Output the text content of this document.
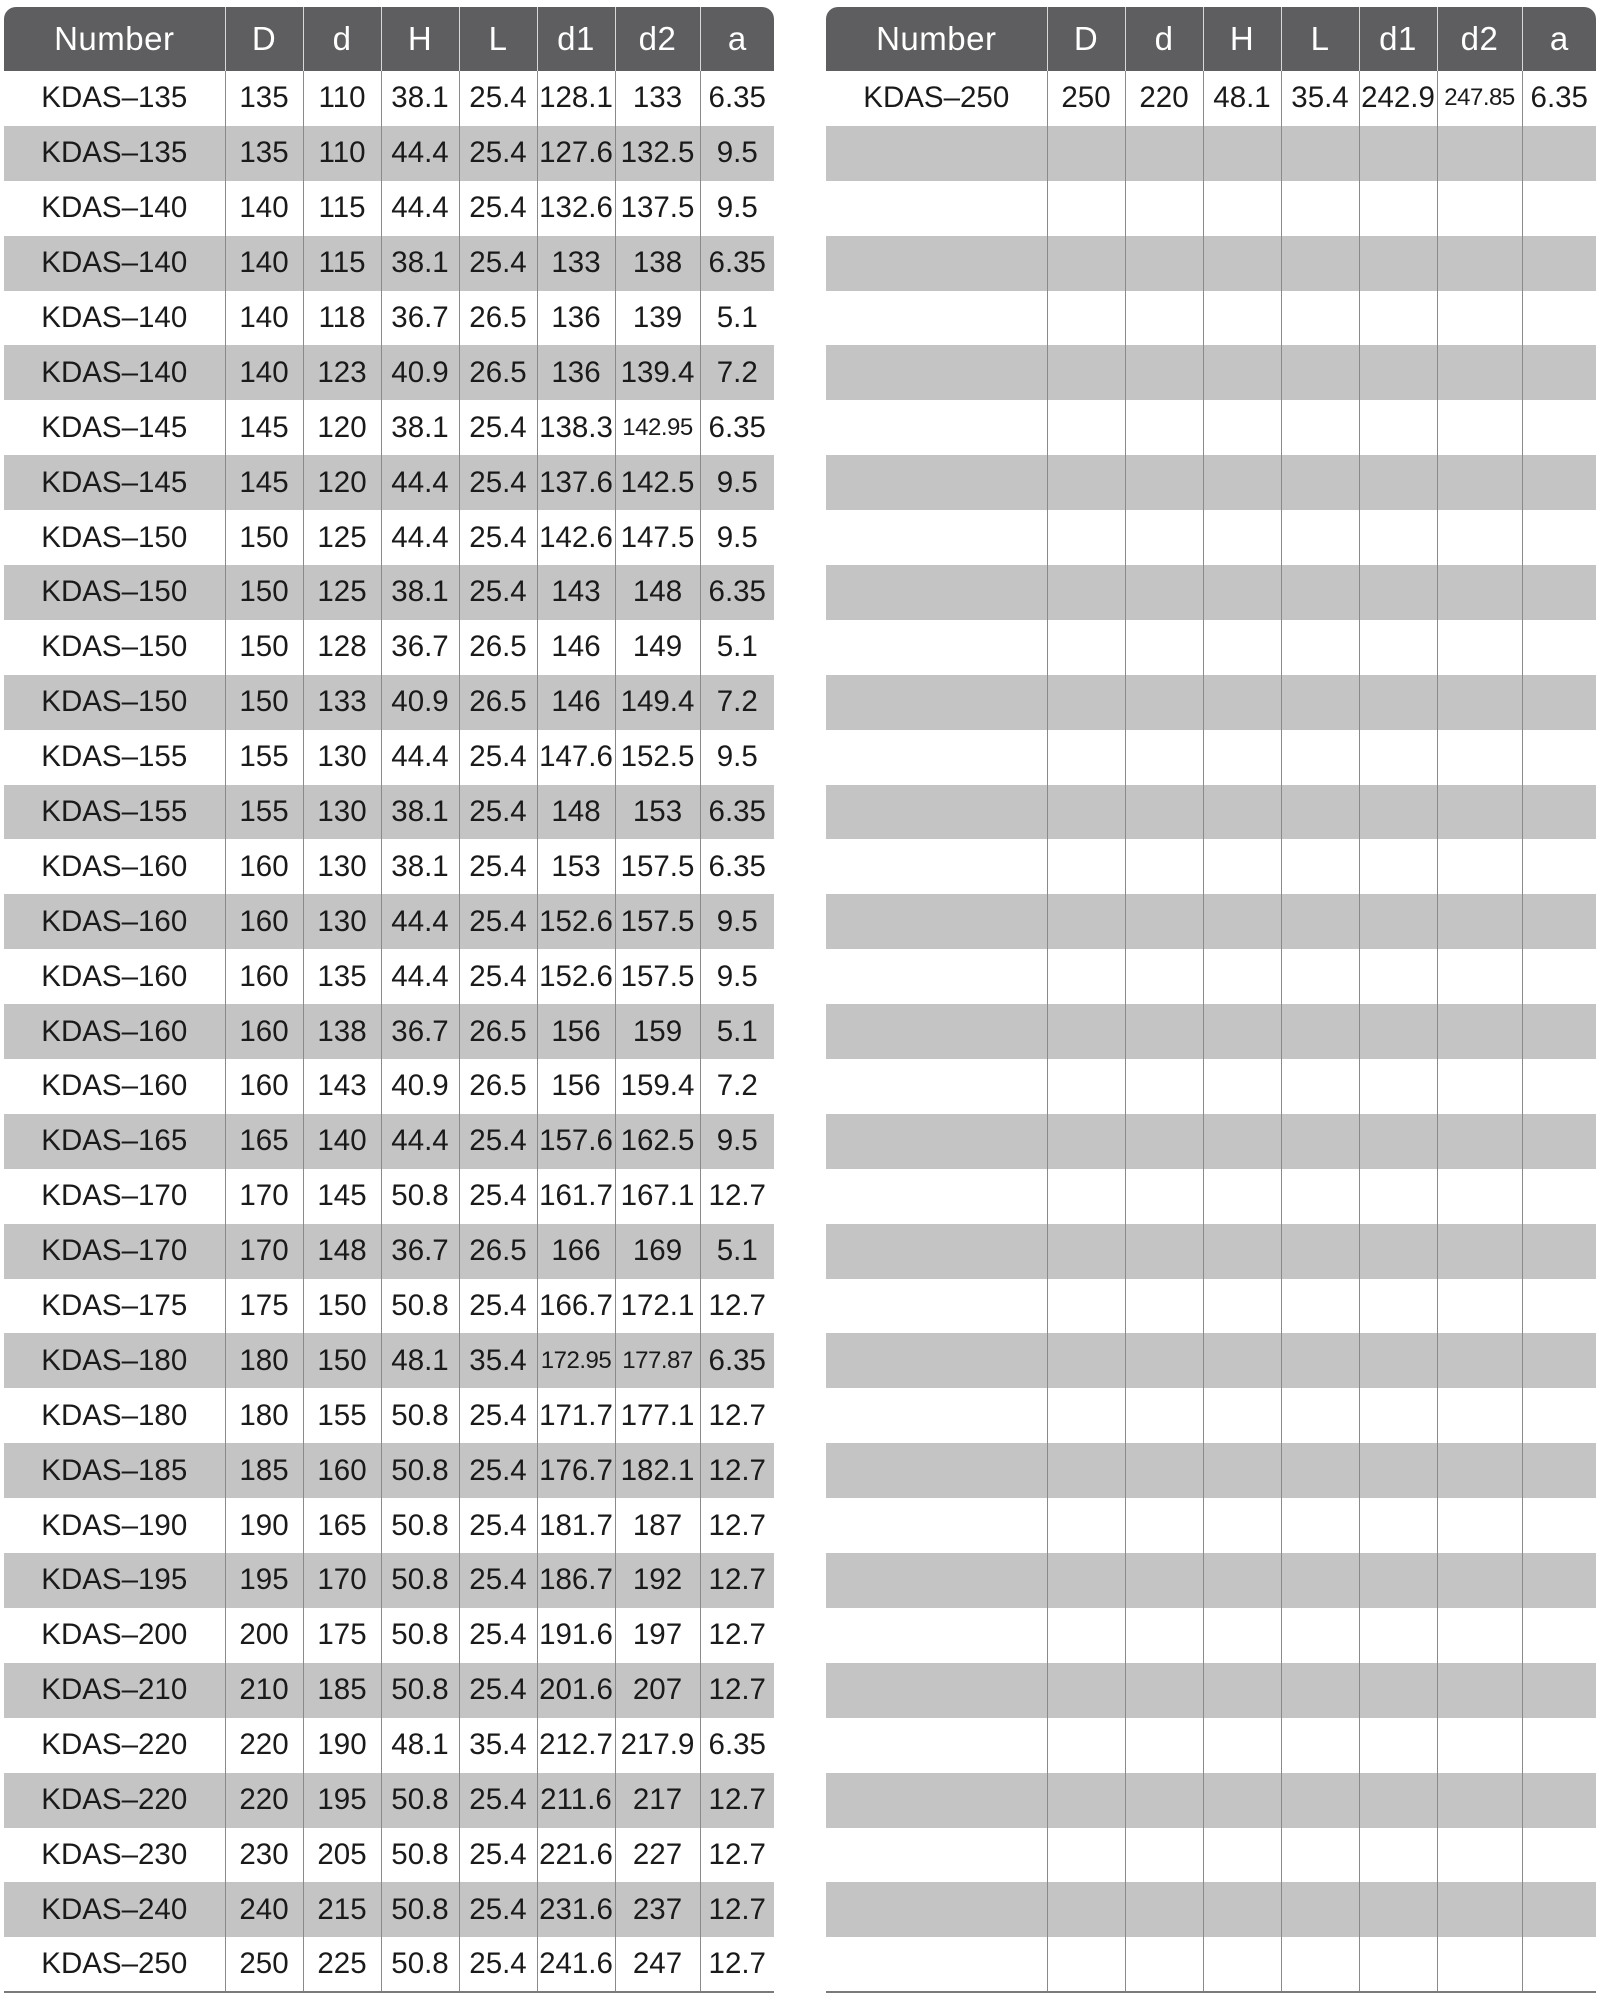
Number	D	d	H	L	d1	d2	a
KDAS–135	135	110	38.1	25.4	128.1	133	6.35
KDAS–135	135	110	44.4	25.4	127.6	132.5	9.5
KDAS–140	140	115	44.4	25.4	132.6	137.5	9.5
KDAS–140	140	115	38.1	25.4	133	138	6.35
KDAS–140	140	118	36.7	26.5	136	139	5.1
KDAS–140	140	123	40.9	26.5	136	139.4	7.2
KDAS–145	145	120	38.1	25.4	138.3	142.95	6.35
KDAS–145	145	120	44.4	25.4	137.6	142.5	9.5
KDAS–150	150	125	44.4	25.4	142.6	147.5	9.5
KDAS–150	150	125	38.1	25.4	143	148	6.35
KDAS–150	150	128	36.7	26.5	146	149	5.1
KDAS–150	150	133	40.9	26.5	146	149.4	7.2
KDAS–155	155	130	44.4	25.4	147.6	152.5	9.5
KDAS–155	155	130	38.1	25.4	148	153	6.35
KDAS–160	160	130	38.1	25.4	153	157.5	6.35
KDAS–160	160	130	44.4	25.4	152.6	157.5	9.5
KDAS–160	160	135	44.4	25.4	152.6	157.5	9.5
KDAS–160	160	138	36.7	26.5	156	159	5.1
KDAS–160	160	143	40.9	26.5	156	159.4	7.2
KDAS–165	165	140	44.4	25.4	157.6	162.5	9.5
KDAS–170	170	145	50.8	25.4	161.7	167.1	12.7
KDAS–170	170	148	36.7	26.5	166	169	5.1
KDAS–175	175	150	50.8	25.4	166.7	172.1	12.7
KDAS–180	180	150	48.1	35.4	172.95	177.87	6.35
KDAS–180	180	155	50.8	25.4	171.7	177.1	12.7
KDAS–185	185	160	50.8	25.4	176.7	182.1	12.7
KDAS–190	190	165	50.8	25.4	181.7	187	12.7
KDAS–195	195	170	50.8	25.4	186.7	192	12.7
KDAS–200	200	175	50.8	25.4	191.6	197	12.7
KDAS–210	210	185	50.8	25.4	201.6	207	12.7
KDAS–220	220	190	48.1	35.4	212.7	217.9	6.35
KDAS–220	220	195	50.8	25.4	211.6	217	12.7
KDAS–230	230	205	50.8	25.4	221.6	227	12.7
KDAS–240	240	215	50.8	25.4	231.6	237	12.7
KDAS–250	250	225	50.8	25.4	241.6	247	12.7
Number	D	d	H	L	d1	d2	a
KDAS–250	250	220	48.1	35.4	242.9	247.85	6.35
